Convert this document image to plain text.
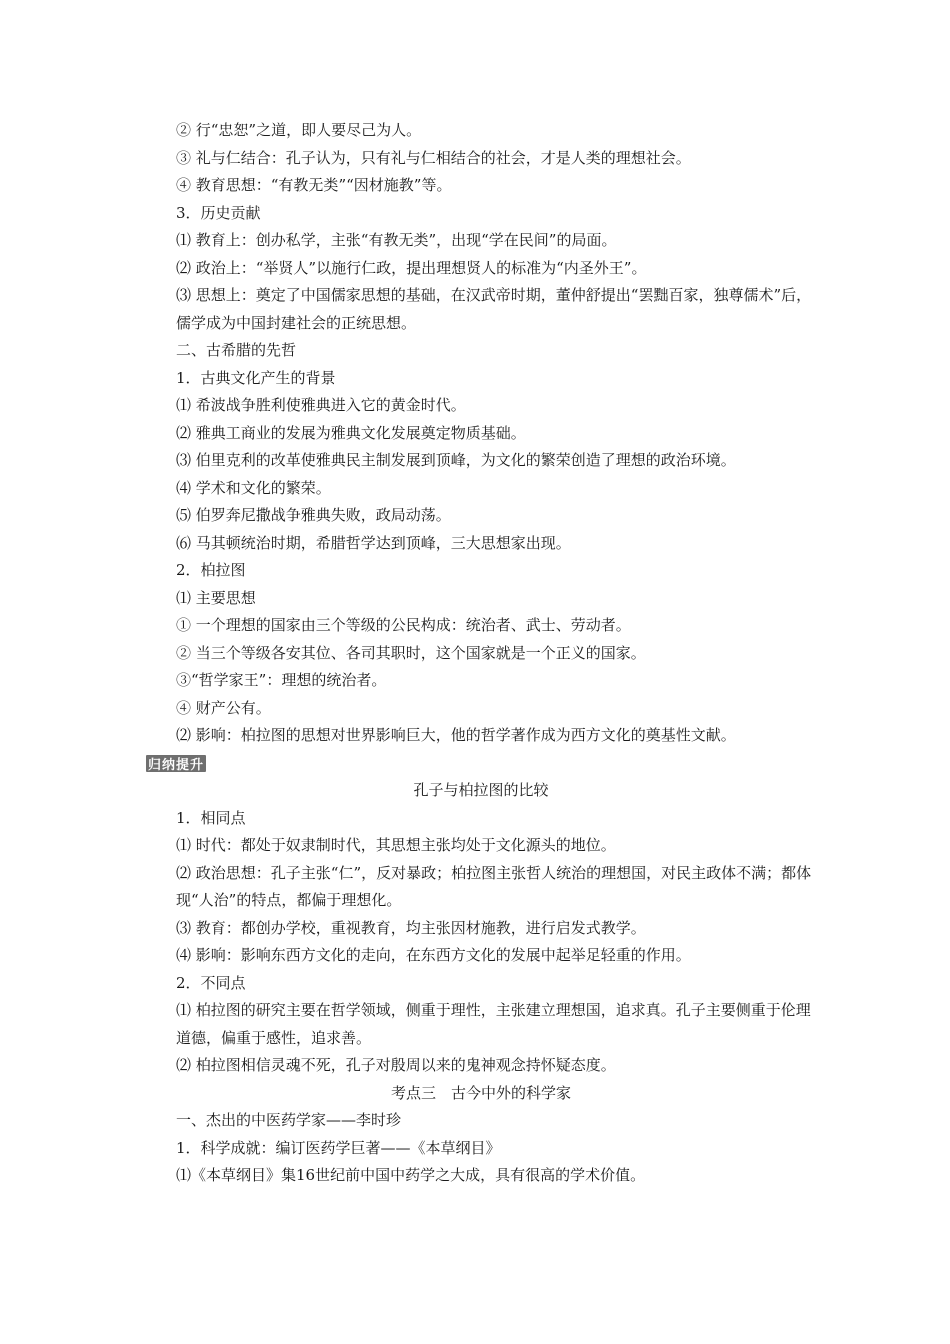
② 行“忠恕”之道，即人要尽己为人。
③ 礼与仁结合：孔子认为，只有礼与仁相结合的社会，才是人类的理想社会。
④ 教育思想：“有教无类”“因材施教”等。
3．历史贡献
⑴ 教育上：创办私学，主张“有教无类”，出现“学在民间”的局面。
⑵ 政治上：“举贤人”以施行仁政，提出理想贤人的标准为“内圣外王”。
⑶ 思想上：奠定了中国儒家思想的基础，在汉武帝时期，董仲舒提出“罢黜百家，独尊儒术”后，儒学成为中国封建社会的正统思想。
二、古希腊的先哲
1．古典文化产生的背景
⑴ 希波战争胜利使雅典进入它的黄金时代。
⑵ 雅典工商业的发展为雅典文化发展奠定物质基础。
⑶ 伯里克利的改革使雅典民主制发展到顶峰，为文化的繁荣创造了理想的政治环境。
⑷ 学术和文化的繁荣。
⑸ 伯罗奔尼撒战争雅典失败，政局动荡。
⑹ 马其顿统治时期，希腊哲学达到顶峰，三大思想家出现。
2．柏拉图
⑴ 主要思想
① 一个理想的国家由三个等级的公民构成：统治者、武士、劳动者。
② 当三个等级各安其位、各司其职时，这个国家就是一个正义的国家。
③“哲学家王”：理想的统治者。
④ 财产公有。
⑵ 影响：柏拉图的思想对世界影响巨大，他的哲学著作成为西方文化的奠基性文献。
归纳提升
孔子与柏拉图的比较
1．相同点
⑴ 时代：都处于奴隶制时代，其思想主张均处于文化源头的地位。
⑵ 政治思想：孔子主张“仁”，反对暴政；柏拉图主张哲人统治的理想国，对民主政体不满；都体现“人治”的特点，都偏于理想化。
⑶ 教育：都创办学校，重视教育，均主张因材施教，进行启发式教学。
⑷ 影响：影响东西方文化的走向，在东西方文化的发展中起举足轻重的作用。
2．不同点
⑴ 柏拉图的研究主要在哲学领域，侧重于理性，主张建立理想国，追求真。孔子主要侧重于伦理道德，偏重于感性，追求善。
⑵ 柏拉图相信灵魂不死，孔子对殷周以来的鬼神观念持怀疑态度。
考点三　古今中外的科学家
一、杰出的中医药学家——李时珍
1．科学成就：编订医药学巨著——《本草纲目》
⑴《本草纲目》集16世纪前中国中药学之大成，具有很高的学术价值。
